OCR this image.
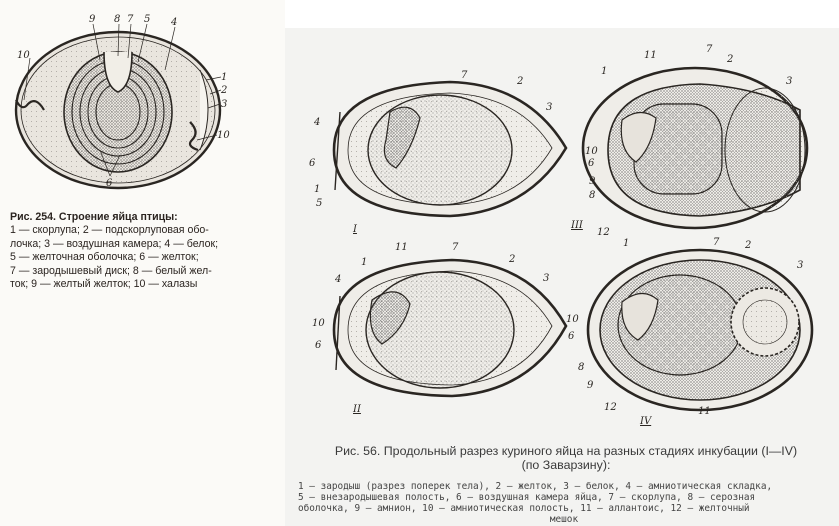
10
9 8 7 5 4
1
2
3
10
6
7
2
3
4
6
1
5
I
1
11	7
2
3
4
10
6
II
11
7
2
1
3
10
6
9
8
12
III
1	7	2
3
10
6
8
9
12	11
IV
Рис. 254. Строение яйца птицы:
1 — скорлупа; 2 — подскорлуповая обо-
лочка; 3 — воздушная камера; 4 — белок;
5 — желточная оболочка; 6 — желток;
7 — зародышевый диск; 8 — белый жел-
ток; 9 — желтый желток; 10 — халазы
Рис. 56. Продольный разрез куриного яйца на разных стадиях инкубации (I—IV)
(по Заварзину):
1 — зародыш (разрез поперек тела), 2 — желток, 3 — белок, 4 — амниотическая складка,
5 — внезародышевая полость, 6 — воздушная камера яйца, 7 — скорлупа, 8 — серозная
оболочка, 9 — амнион, 10 — амниотическая полость, 11 — аллантоис, 12 — желточный

мешок
